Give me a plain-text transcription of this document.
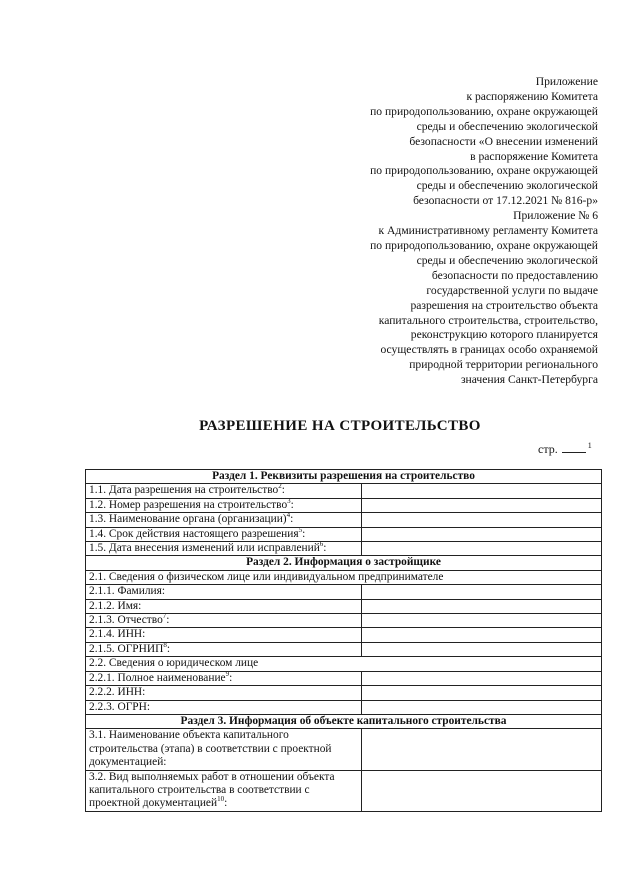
Приложение
к распоряжению Комитета
по природопользованию, охране окружающей
среды и обеспечению экологической
безопасности «О внесении изменений
в распоряжение Комитета
по природопользованию, охране окружающей
среды и обеспечению экологической
безопасности от 17.12.2021 № 816-р»
Приложение № 6
к Административному регламенту Комитета
по природопользованию, охране окружающей
среды и обеспечению экологической
безопасности по предоставлению
государственной услуги по выдаче
разрешения на строительство объекта
капитального строительства, строительство,
реконструкцию которого планируется
осуществлять в границах особо охраняемой
природной территории регионального
значения Санкт-Петербурга
РАЗРЕШЕНИЕ НА СТРОИТЕЛЬСТВО
стр.	$^1$
Раздел 1. Реквизиты разрешения на строительство	
1.1. Дата разрешения на строительство$^2$:	
1.2. Номер разрешения на строительство$^3$:	
1.3. Наименование органа (организации)$^4$:	
1.4. Срок действия настоящего разрешения$^5$:	
1.5. Дата внесения изменений или исправлений$^6$:	
Раздел 2. Информация о застройщике	
2.1. Сведения о физическом лице или индивидуальном предпринимателе	
2.1.1. Фамилия:	
2.1.2. Имя:	
2.1.3. Отчество$^7$:	
2.1.4. ИНН:	
2.1.5. ОГРНИП$^8$:	
2.2. Сведения о юридическом лице	
2.2.1. Полное наименование$^9$:	
2.2.2. ИНН:	
2.2.3. ОГРН:	
Раздел 3. Информация об объекте капитального строительства	
3.1. Наименование объекта капитального строительства (этапа) в соответствии с проектной документацией:	
3.2. Вид выполняемых работ в отношении объекта капитального строительства в соответствии с проектной документацией$^{10}$:	
